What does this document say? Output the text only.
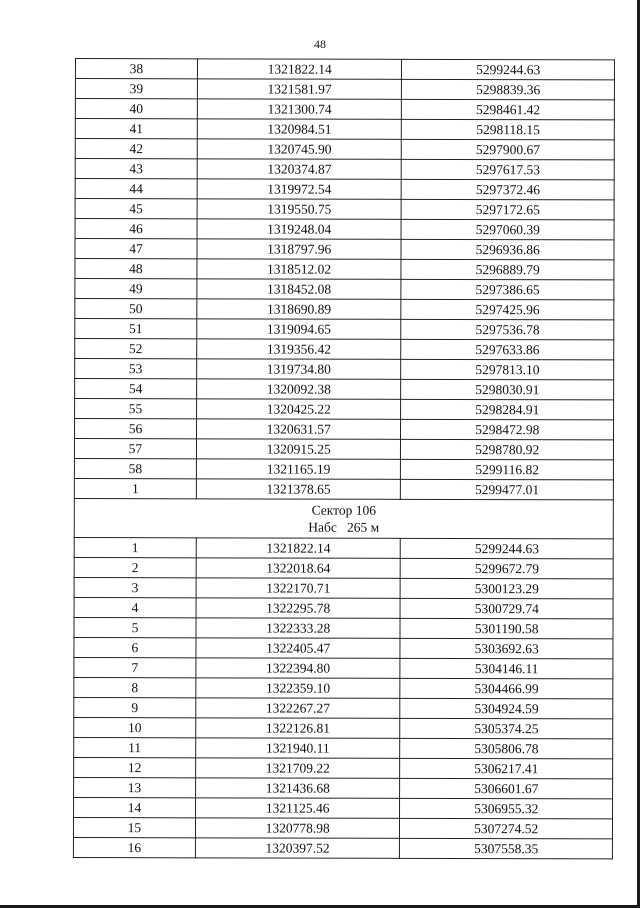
48
38	1321822.14	5299244.63
39	1321581.97	5298839.36
40	1321300.74	5298461.42
41	1320984.51	5298118.15
42	1320745.90	5297900.67
43	1320374.87	5297617.53
44	1319972.54	5297372.46
45	1319550.75	5297172.65
46	1319248.04	5297060.39
47	1318797.96	5296936.86
48	1318512.02	5296889.79
49	1318452.08	5297386.65
50	1318690.89	5297425.96
51	1319094.65	5297536.78
52	1319356.42	5297633.86
53	1319734.80	5297813.10
54	1320092.38	5298030.91
55	1320425.22	5298284.91
56	1320631.57	5298472.98
57	1320915.25	5298780.92
58	1321165.19	5299116.82
1	1321378.65	5299477.01

Сектор 106
Набс   265 м		

1	1321822.14	5299244.63
2	1322018.64	5299672.79
3	1322170.71	5300123.29
4	1322295.78	5300729.74
5	1322333.28	5301190.58
6	1322405.47	5303692.63
7	1322394.80	5304146.11
8	1322359.10	5304466.99
9	1322267.27	5304924.59
10	1322126.81	5305374.25
11	1321940.11	5305806.78
12	1321709.22	5306217.41
13	1321436.68	5306601.67
14	1321125.46	5306955.32
15	1320778.98	5307274.52
16	1320397.52	5307558.35
